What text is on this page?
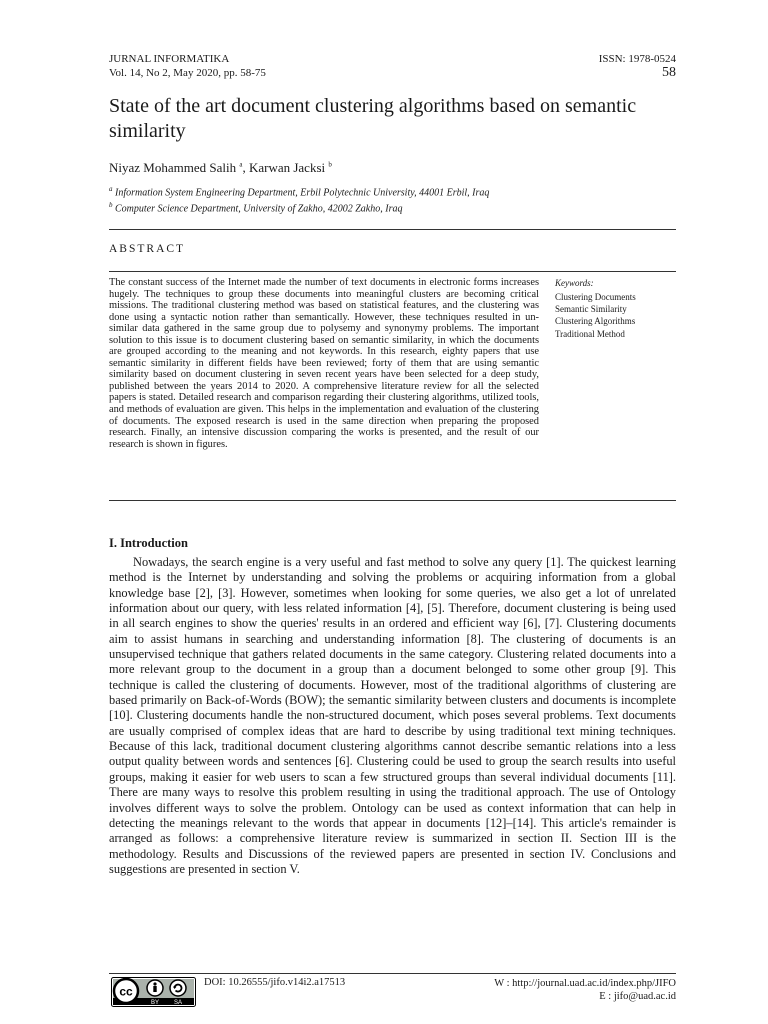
JURNAL INFORMATIKA
Vol. 14, No 2, May 2020, pp. 58-75
ISSN: 1978-0524
58
State of the art document clustering algorithms based on semantic similarity
Niyaz Mohammed Salih $^a$, Karwan Jacksi $^b$
$^a$ Information System Engineering Department, Erbil Polytechnic University, 44001 Erbil, Iraq
$^b$ Computer Science Department, University of Zakho, 42002 Zakho, Iraq
ABSTRACT
The constant success of the Internet made the number of text documents in electronic forms increases hugely. The techniques to group these documents into meaningful clusters are becoming critical missions. The traditional clustering method was based on statistical features, and the clustering was done using a syntactic notion rather than semantically. However, these techniques resulted in un-similar data gathered in the same group due to polysemy and synonymy problems. The important solution to this issue is to document clustering based on semantic similarity, in which the documents are grouped according to the meaning and not keywords. In this research, eighty papers that use semantic similarity in different fields have been reviewed; forty of them that are using semantic similarity based on document clustering in seven recent years have been selected for a deep study, published between the years 2014 to 2020. A comprehensive literature review for all the selected papers is stated. Detailed research and comparison regarding their clustering algorithms, utilized tools, and methods of evaluation are given. This helps in the implementation and evaluation of the clustering of documents. The exposed research is used in the same direction when preparing the proposed research. Finally, an intensive discussion comparing the works is presented, and the result of our research is shown in figures.
Keywords:
Clustering Documents
Semantic Similarity
Clustering Algorithms
Traditional Method
I. Introduction
Nowadays, the search engine is a very useful and fast method to solve any query [1]. The quickest learning method is the Internet by understanding and solving the problems or acquiring information from a global knowledge base [2], [3]. However, sometimes when looking for some queries, we also get a lot of unrelated information about our query, with less related information [4], [5]. Therefore, document clustering is being used in all search engines to show the queries' results in an ordered and efficient way [6], [7]. Clustering documents aim to assist humans in searching and understanding information [8]. The clustering of documents is an unsupervised technique that gathers related documents in the same category. Clustering related documents into a more relevant group to the document in a group than a document belonged to some other group [9]. This technique is called the clustering of documents. However, most of the traditional algorithms of clustering are based primarily on Back-of-Words (BOW); the semantic similarity between clusters and documents is incomplete [10]. Clustering documents handle the non-structured document, which poses several problems. Text documents are usually comprised of complex ideas that are hard to describe by using traditional text mining techniques. Because of this lack, traditional document clustering algorithms cannot describe semantic relations into a less output quality between words and sentences [6]. Clustering could be used to group the search results into useful groups, making it easier for web users to scan a few structured groups than several individual documents [11]. There are many ways to resolve this problem resulting in using the traditional approach. The use of Ontology involves different ways to solve the problem. Ontology can be used as context information that can help in detecting the meanings relevant to the words that appear in documents [12]–[14]. This article's remainder is arranged as follows: a comprehensive literature review is summarized in section II. Section III is the methodology. Results and Discussions of the reviewed papers are presented in section IV. Conclusions and suggestions are presented in section V.
cc
BY SA
DOI: 10.26555/jifo.v14i2.a17513	W : http://journal.uad.ac.id/index.php/JIFO
E : jifo@uad.ac.id
